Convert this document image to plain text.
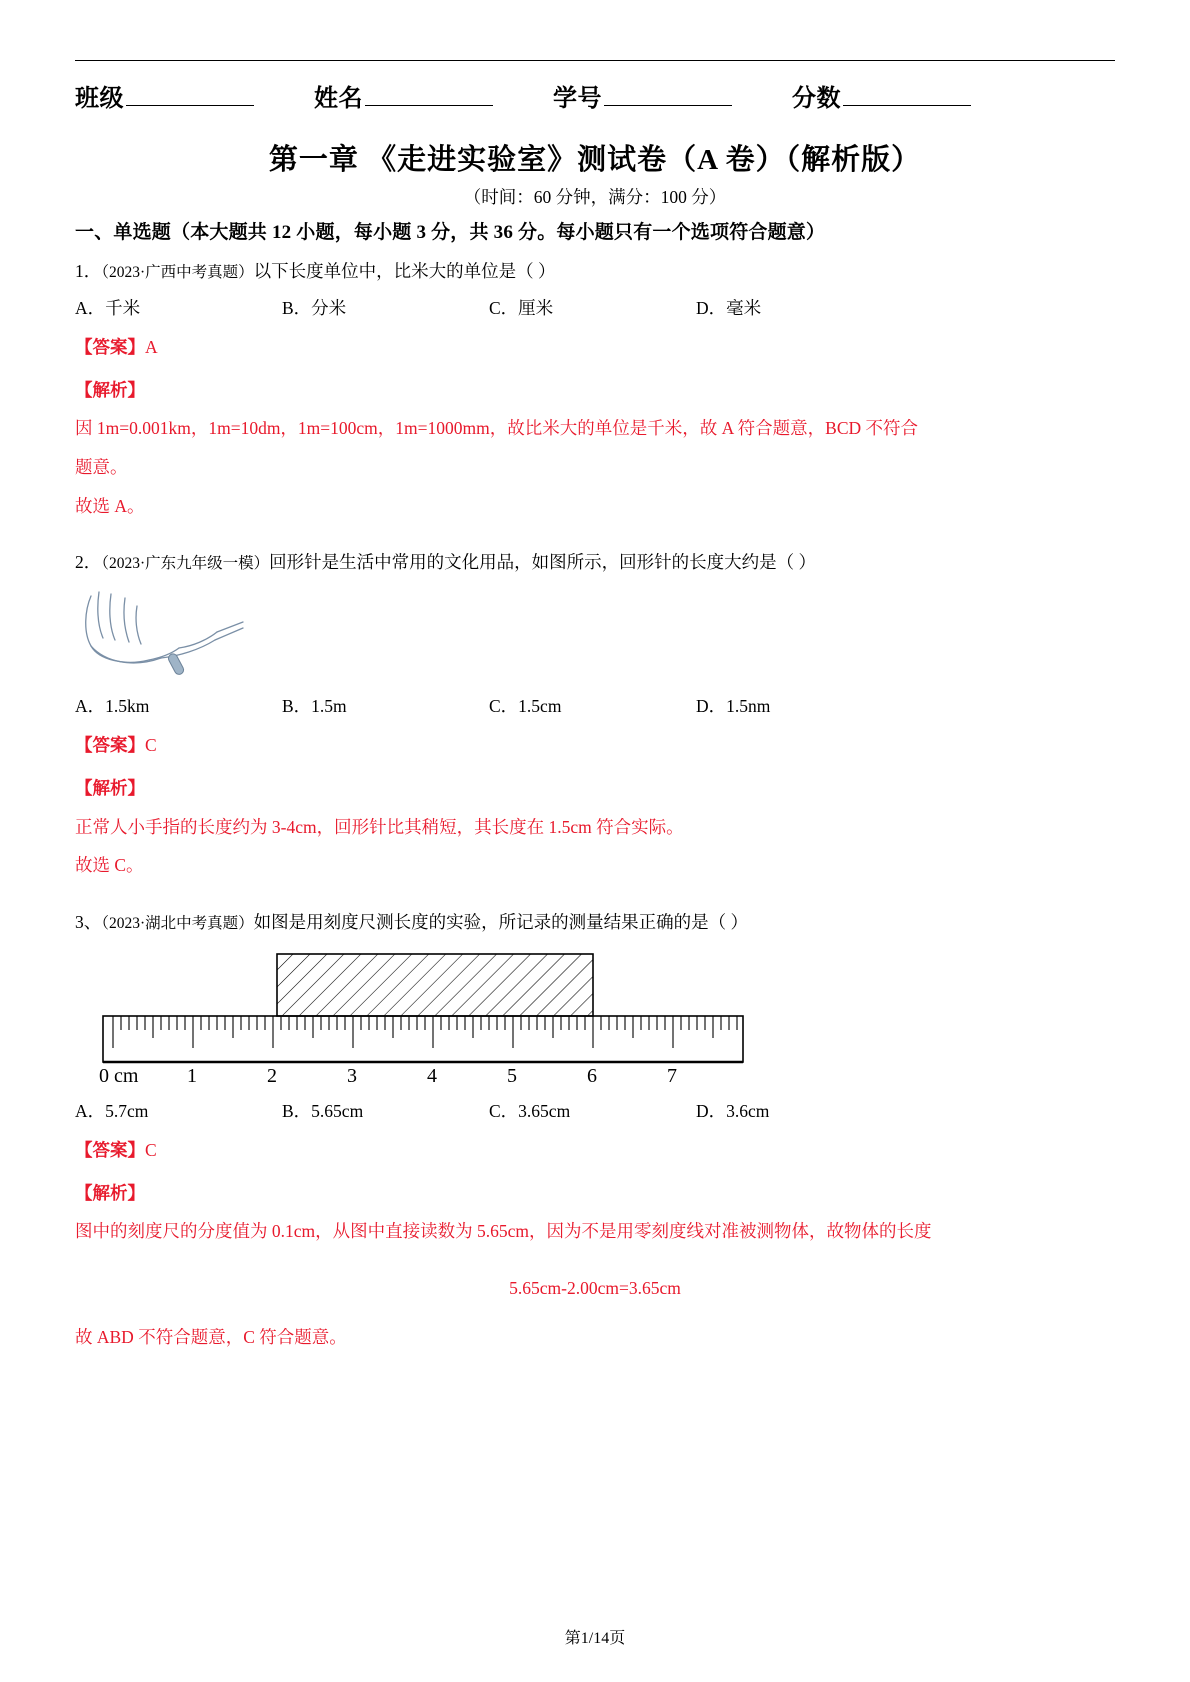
班级	姓名	学号	分数
第一章 《走进实验室》测试卷（A 卷）（解析版）
（时间：60 分钟，满分：100 分）
一、单选题（本大题共 12 小题，每小题 3 分，共 36 分。每小题只有一个选项符合题意）
1．（2023·广西中考真题）以下长度单位中，比米大的单位是（ ）
A．千米	B．分米	C．厘米	D．毫米
【答案】A
【解析】
因 1m=0.001km，1m=10dm，1m=100cm，1m=1000mm，故比米大的单位是千米，故 A 符合题意，BCD 不符合
题意。
故选 A。
2．（2023·广东九年级一模）回形针是生活中常用的文化用品，如图所示，回形针的长度大约是（ ）
A．1.5km	B．1.5m	C．1.5cm	D．1.5nm
【答案】C
【解析】
正常人小手指的长度约为 3-4cm，回形针比其稍短，其长度在 1.5cm 符合实际。
故选 C。
3、（2023·湖北中考真题）如图是用刻度尺测长度的实验，所记录的测量结果正确的是（ ）
0 cm 1	2	3	4	5	6	7
A．5.7cm	B．5.65cm	C．3.65cm	D．3.6cm
【答案】C
【解析】
图中的刻度尺的分度值为 0.1cm，从图中直接读数为 5.65cm，因为不是用零刻度线对准被测物体，故物体的长度
5.65cm-2.00cm=3.65cm
故 ABD 不符合题意，C 符合题意。
第1/14页
